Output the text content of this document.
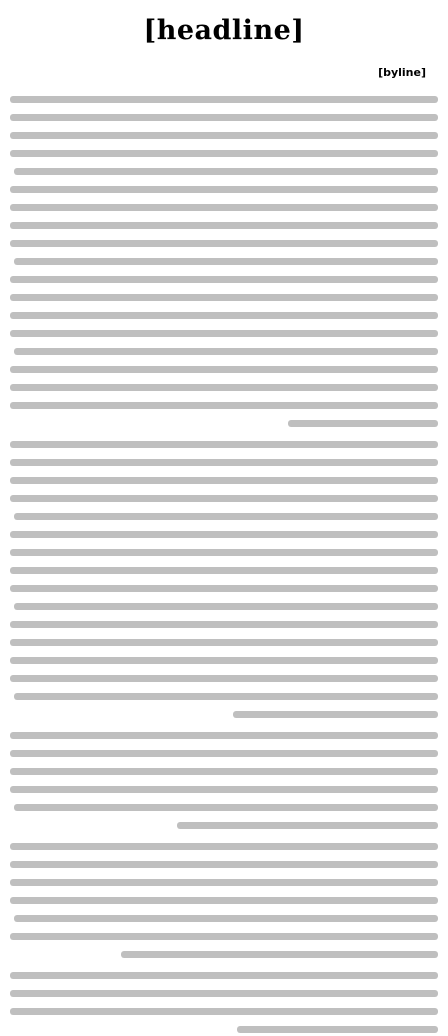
[headline]
[byline]
